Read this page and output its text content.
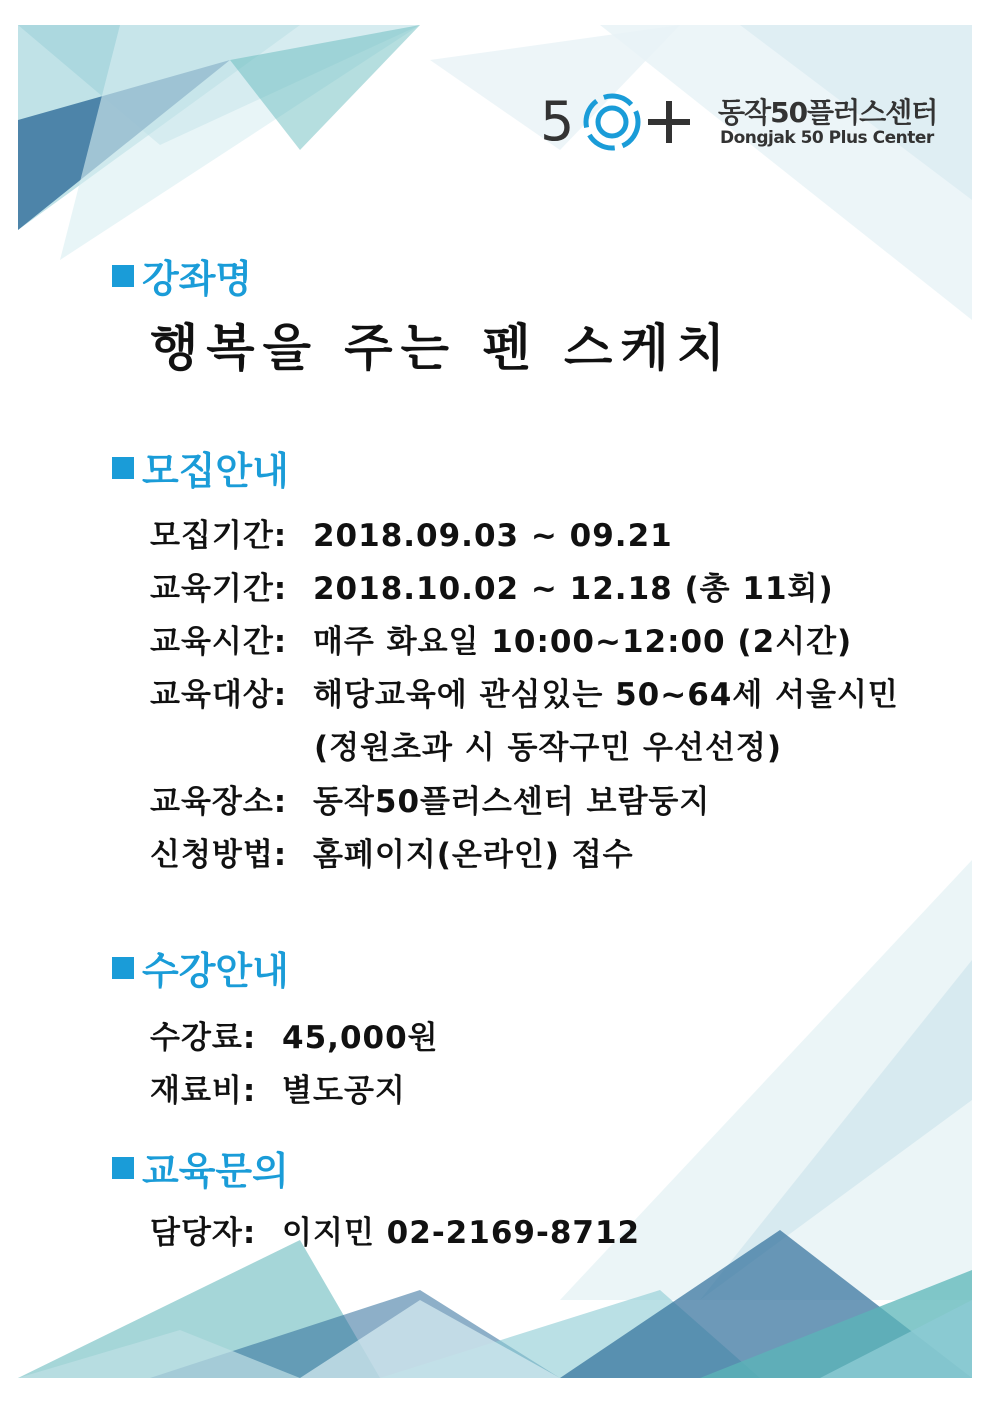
5	동작50플러스센터
Dongjak 50 Plus Center
강좌명
행복을 주는 펜 스케치
모집안내
모집기간: 2018.09.03 ~ 09.21
교육기간: 2018.10.02 ~ 12.18 (총 11회)
교육시간: 매주 화요일 10:00~12:00 (2시간)
교육대상: 해당교육에 관심있는 50~64세 서울시민
(정원초과 시 동작구민 우선선정)
교육장소: 동작50플러스센터 보람둥지
신청방법: 홈페이지(온라인) 접수
수강안내
수강료: 45,000원
재료비: 별도공지
교육문의
담당자: 이지민 02-2169-8712
